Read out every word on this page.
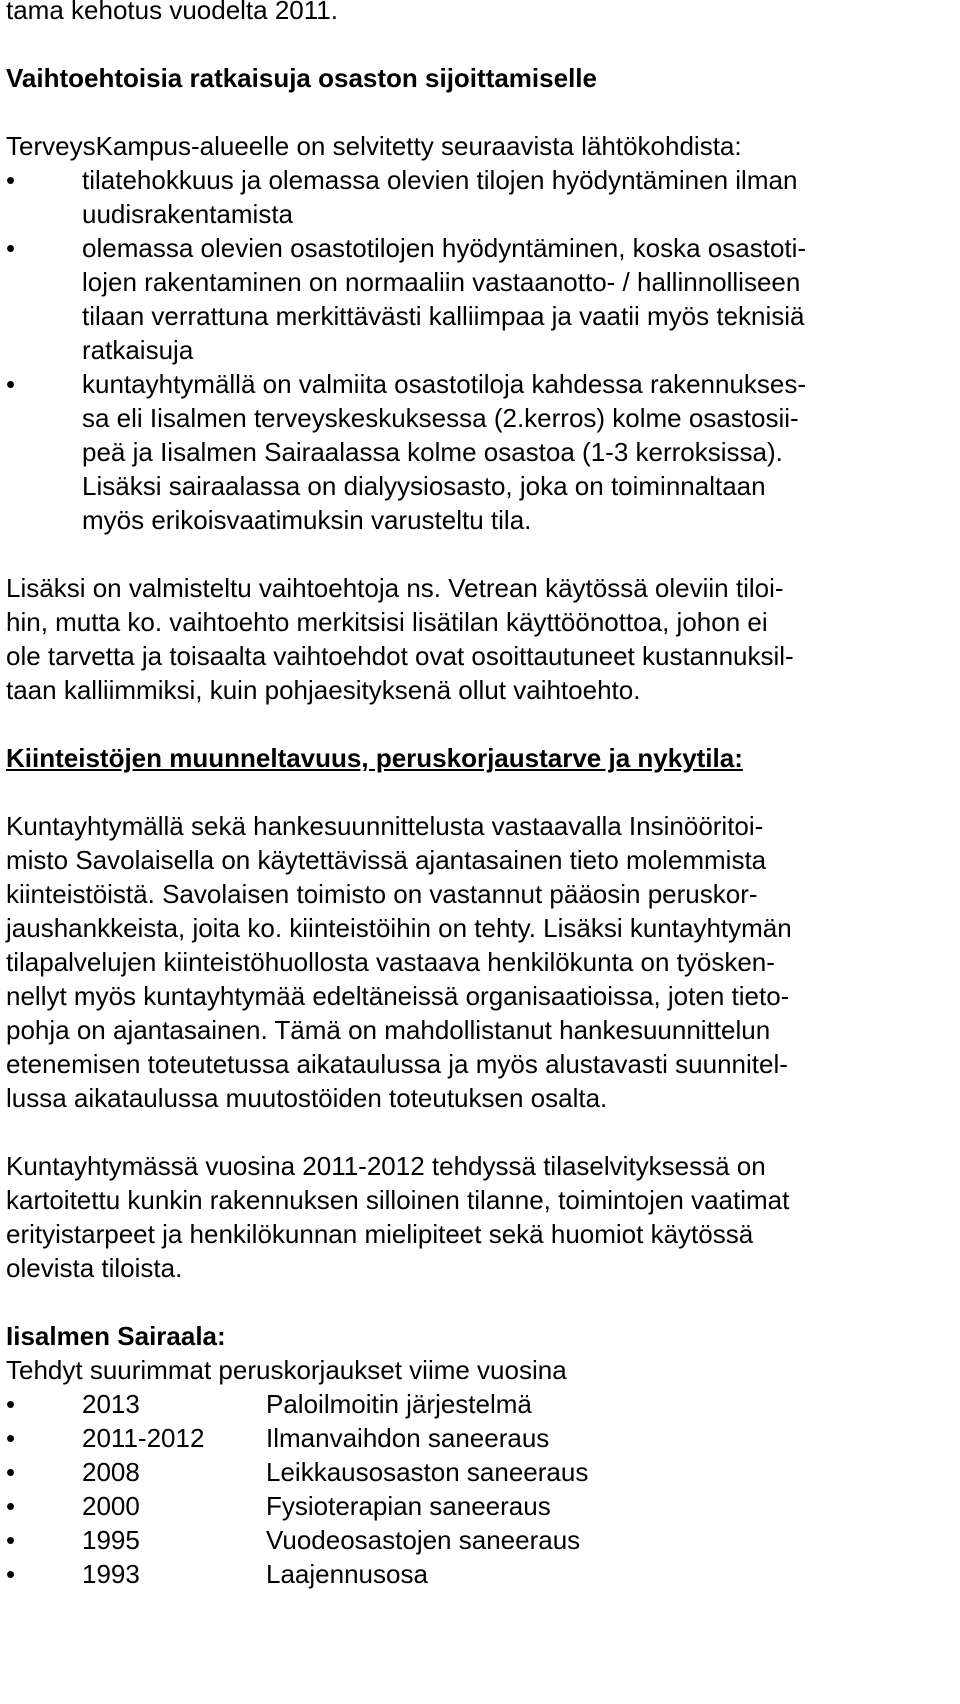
tama kehotus vuodelta 2011.
Vaihtoehtoisia ratkaisuja osaston sijoittamiselle
TerveysKampus-alueelle on selvitetty seuraavista lähtökohdista:
•	tilatehokkuus ja olemassa olevien tilojen hyödyntäminen ilman
uudisrakentamista
•	olemassa olevien osastotilojen hyödyntäminen, koska osastoti-
lojen rakentaminen on normaaliin vastaanotto- / hallinnolliseen
tilaan verrattuna merkittävästi kalliimpaa ja vaatii myös teknisiä
ratkaisuja
•	kuntayhtymällä on valmiita osastotiloja kahdessa rakennukses-
sa eli Iisalmen terveyskeskuksessa (2.kerros) kolme osastosii-
peä ja Iisalmen Sairaalassa kolme osastoa (1-3 kerroksissa).
Lisäksi sairaalassa on dialyysiosasto, joka on toiminnaltaan
myös erikoisvaatimuksin varusteltu tila.
Lisäksi on valmisteltu vaihtoehtoja ns. Vetrean käytössä oleviin tiloi-
hin, mutta ko. vaihtoehto merkitsisi lisätilan käyttöönottoa, johon ei
ole tarvetta ja toisaalta vaihtoehdot ovat osoittautuneet kustannuksil-
taan kalliimmiksi, kuin pohjaesityksenä ollut vaihtoehto.
Kiinteistöjen muunneltavuus, peruskorjaustarve ja nykytila:
Kuntayhtymällä sekä hankesuunnittelusta vastaavalla Insinööritoi-
misto Savolaisella on käytettävissä ajantasainen tieto molemmista
kiinteistöistä. Savolaisen toimisto on vastannut pääosin peruskor-
jaushankkeista, joita ko. kiinteistöihin on tehty. Lisäksi kuntayhtymän
tilapalvelujen kiinteistöhuollosta vastaava henkilökunta on työsken-
nellyt myös kuntayhtymää edeltäneissä organisaatioissa, joten tieto-
pohja on ajantasainen. Tämä on mahdollistanut hankesuunnittelun
etenemisen toteutetussa aikataulussa ja myös alustavasti suunnitel-
lussa aikataulussa muutostöiden toteutuksen osalta.
Kuntayhtymässä vuosina 2011-2012 tehdyssä tilaselvityksessä on
kartoitettu kunkin rakennuksen silloinen tilanne, toimintojen vaatimat
erityistarpeet ja henkilökunnan mielipiteet sekä huomiot käytössä
olevista tiloista.
Iisalmen Sairaala:
Tehdyt suurimmat peruskorjaukset viime vuosina
•	2013	Paloilmoitin järjestelmä
•	2011-2012 Ilmanvaihdon saneeraus
•	2008	Leikkausosaston saneeraus
•	2000	Fysioterapian saneeraus
•	1995	Vuodeosastojen saneeraus
•	1993	Laajennusosa
